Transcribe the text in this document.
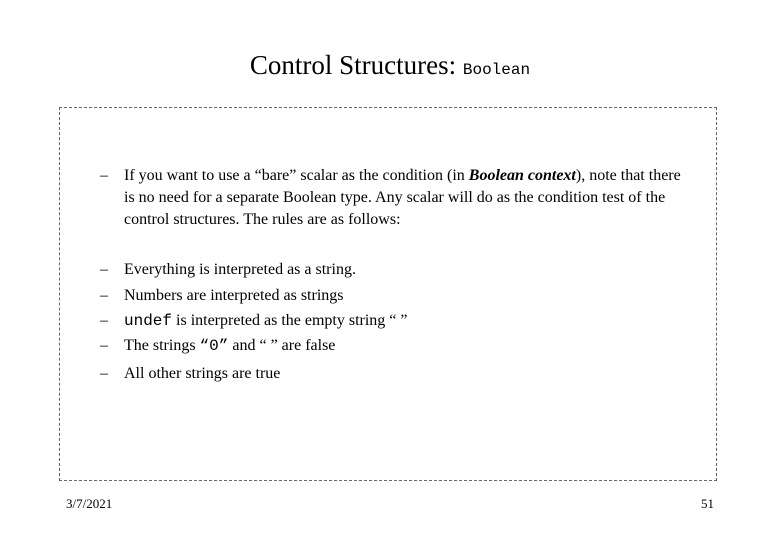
Control Structures: Boolean
–	If you want to use a “bare” scalar as the condition (in Boolean context), note that there is no need for a separate Boolean type. Any scalar will do as the condition test of the control structures. The rules are as follows:
–	Everything is interpreted as a string.
–	Numbers are interpreted as strings
–	undef is interpreted as the empty string “ ”
–	The strings “0” and “ ” are false
–	All other strings are true
3/7/2021	51
